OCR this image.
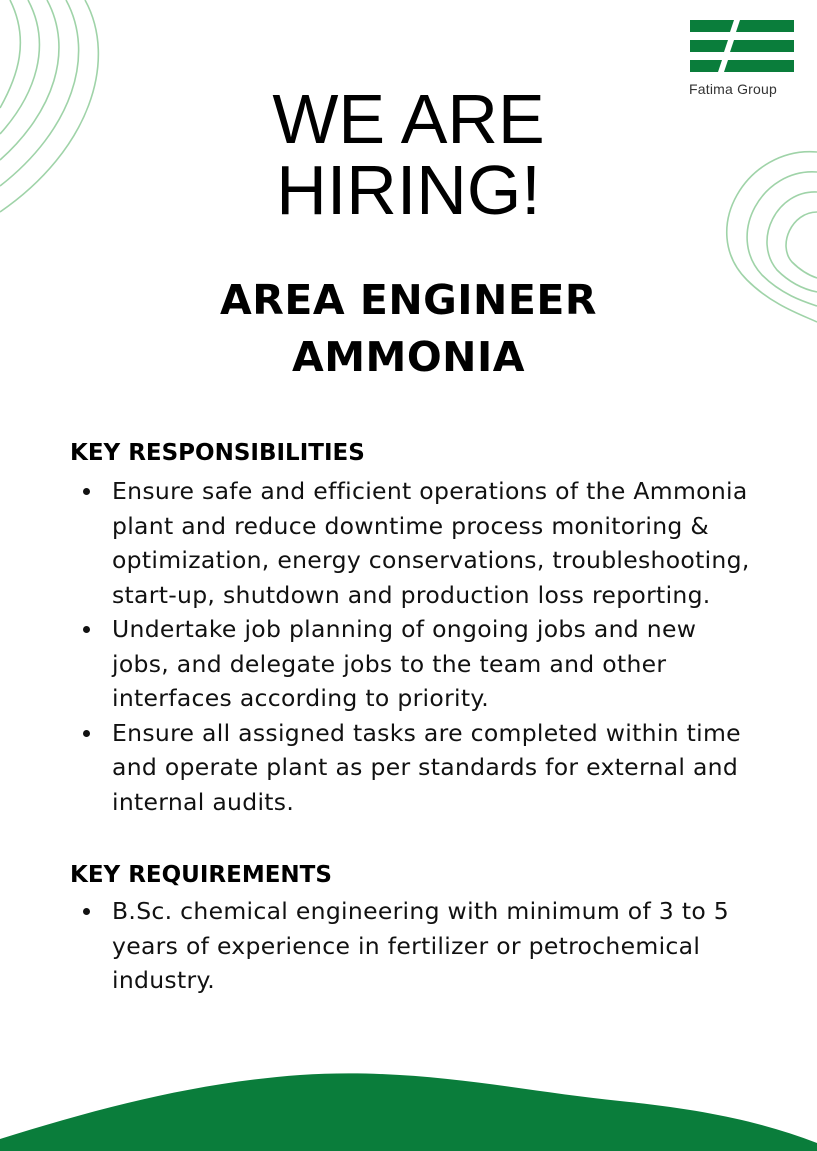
Fatima Group
WE ARE
HIRING!
AREA ENGINEER
AMMONIA
KEY RESPONSIBILITIES
Ensure safe and efficient operations of the Ammonia plant and reduce downtime process monitoring & optimization, energy conservations, troubleshooting, start-up, shutdown and production loss reporting.
Undertake job planning of ongoing jobs and new jobs, and delegate jobs to the team and other interfaces according to priority.
Ensure all assigned tasks are completed within time and operate plant as per standards for external and internal audits.
KEY REQUIREMENTS
B.Sc. chemical engineering with minimum of 3 to 5 years of experience in fertilizer or petrochemical industry.
